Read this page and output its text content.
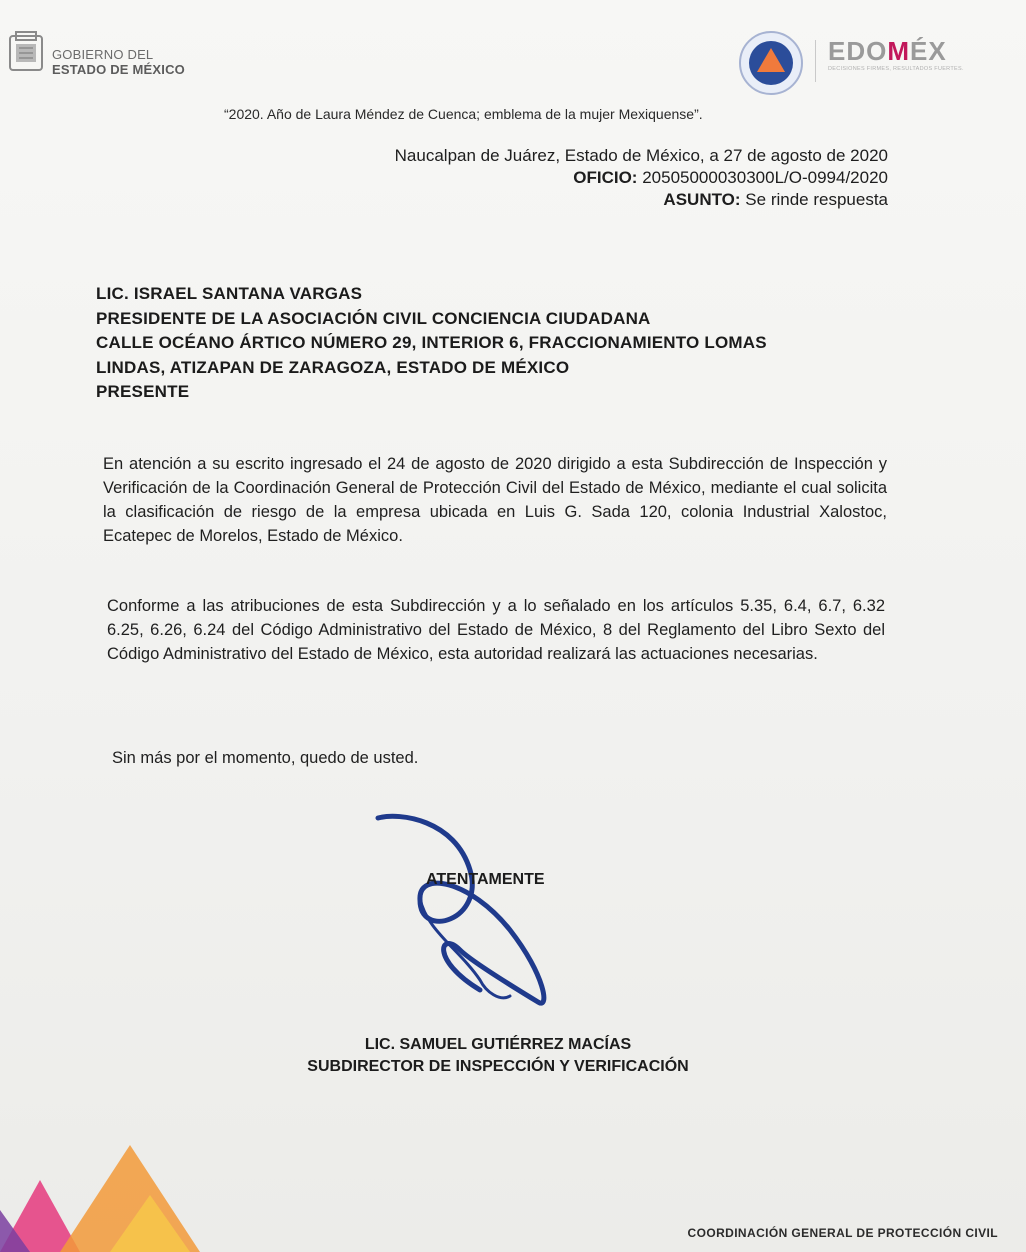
GOBIERNO DEL
ESTADO DE MÉXICO
EDOMÉX
DECISIONES FIRMES, RESULTADOS FUERTES.
“2020. Año de Laura Méndez de Cuenca; emblema de la mujer Mexiquense”.
Naucalpan de Juárez, Estado de México, a 27 de agosto de 2020
OFICIO: 20505000030300L/O-0994/2020
ASUNTO: Se rinde respuesta
LIC. ISRAEL SANTANA VARGAS
PRESIDENTE DE LA ASOCIACIÓN CIVIL CONCIENCIA CIUDADANA
CALLE OCÉANO ÁRTICO NÚMERO 29, INTERIOR 6, FRACCIONAMIENTO LOMAS
LINDAS, ATIZAPAN DE ZARAGOZA, ESTADO DE MÉXICO
PRESENTE
En atención a su escrito ingresado el 24 de agosto de 2020 dirigido a esta Subdirección de Inspección y Verificación de la Coordinación General de Protección Civil del Estado de México, mediante el cual solicita la clasificación de riesgo de la empresa ubicada en Luis G. Sada 120, colonia Industrial Xalostoc, Ecatepec de Morelos, Estado de México.
Conforme a las atribuciones de esta Subdirección y a lo señalado en los artículos 5.35, 6.4, 6.7, 6.32 6.25, 6.26, 6.24 del Código Administrativo del Estado de México, 8 del Reglamento del Libro Sexto del Código Administrativo del Estado de México, esta autoridad realizará las actuaciones necesarias.
Sin más por el momento, quedo de usted.
ATENTAMENTE
LIC. SAMUEL GUTIÉRREZ MACÍAS
SUBDIRECTOR DE INSPECCIÓN Y VERIFICACIÓN
COORDINACIÓN GENERAL DE PROTECCIÓN CIVIL
